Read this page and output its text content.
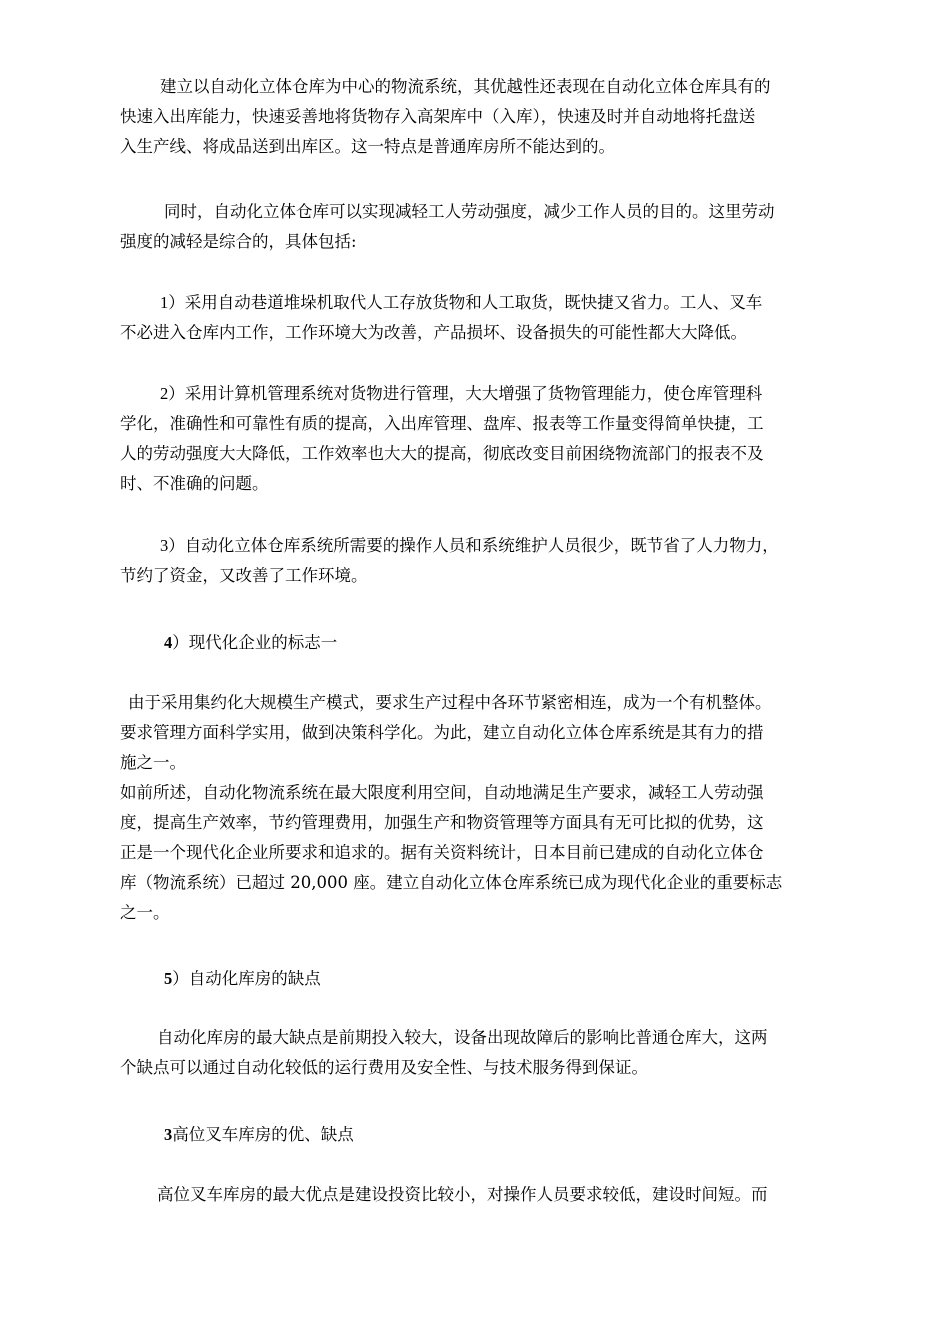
建立以自动化立体仓库为中心的物流系统，其优越性还表现在自动化立体仓库具有的

快速入出库能力，快速妥善地将货物存入高架库中（入库），快速及时并自动地将托盘送

入生产线、将成品送到出库区。这一特点是普通库房所不能达到的。

同时，自动化立体仓库可以实现减轻工人劳动强度，减少工作人员的目的。这里劳动

强度的减轻是综合的，具体包括:

1）采用自动巷道堆垛机取代人工存放货物和人工取货，既快捷又省力。工人、叉车

不必进入仓库内工作，工作环境大为改善，产品损坏、设备损失的可能性都大大降低。

2）采用计算机管理系统对货物进行管理，大大增强了货物管理能力，使仓库管理科

学化，准确性和可靠性有质的提高，入出库管理、盘库、报表等工作量变得简单快捷，工

人的劳动强度大大降低，工作效率也大大的提高，彻底改变目前困绕物流部门的报表不及

时、不准确的问题。

3）自动化立体仓库系统所需要的操作人员和系统维护人员很少，既节省了人力物力，

节约了资金，又改善了工作环境。

4）现代化企业的标志一

由于采用集约化大规模生产模式，要求生产过程中各环节紧密相连，成为一个有机整体。

要求管理方面科学实用，做到决策科学化。为此，建立自动化立体仓库系统是其有力的措

施之一。

如前所述，自动化物流系统在最大限度利用空间，自动地满足生产要求，减轻工人劳动强

度，提高生产效率，节约管理费用，加强生产和物资管理等方面具有无可比拟的优势，这

正是一个现代化企业所要求和追求的。据有关资料统计，日本目前已建成的自动化立体仓

库（物流系统）已超过 20,000 座。建立自动化立体仓库系统已成为现代化企业的重要标志

之一。

5）自动化库房的缺点

自动化库房的最大缺点是前期投入较大，设备出现故障后的影响比普通仓库大，这两

个缺点可以通过自动化较低的运行费用及安全性、与技术服务得到保证。

3高位叉车库房的优、缺点

高位叉车库房的最大优点是建设投资比较小，对操作人员要求较低，建设时间短。而
